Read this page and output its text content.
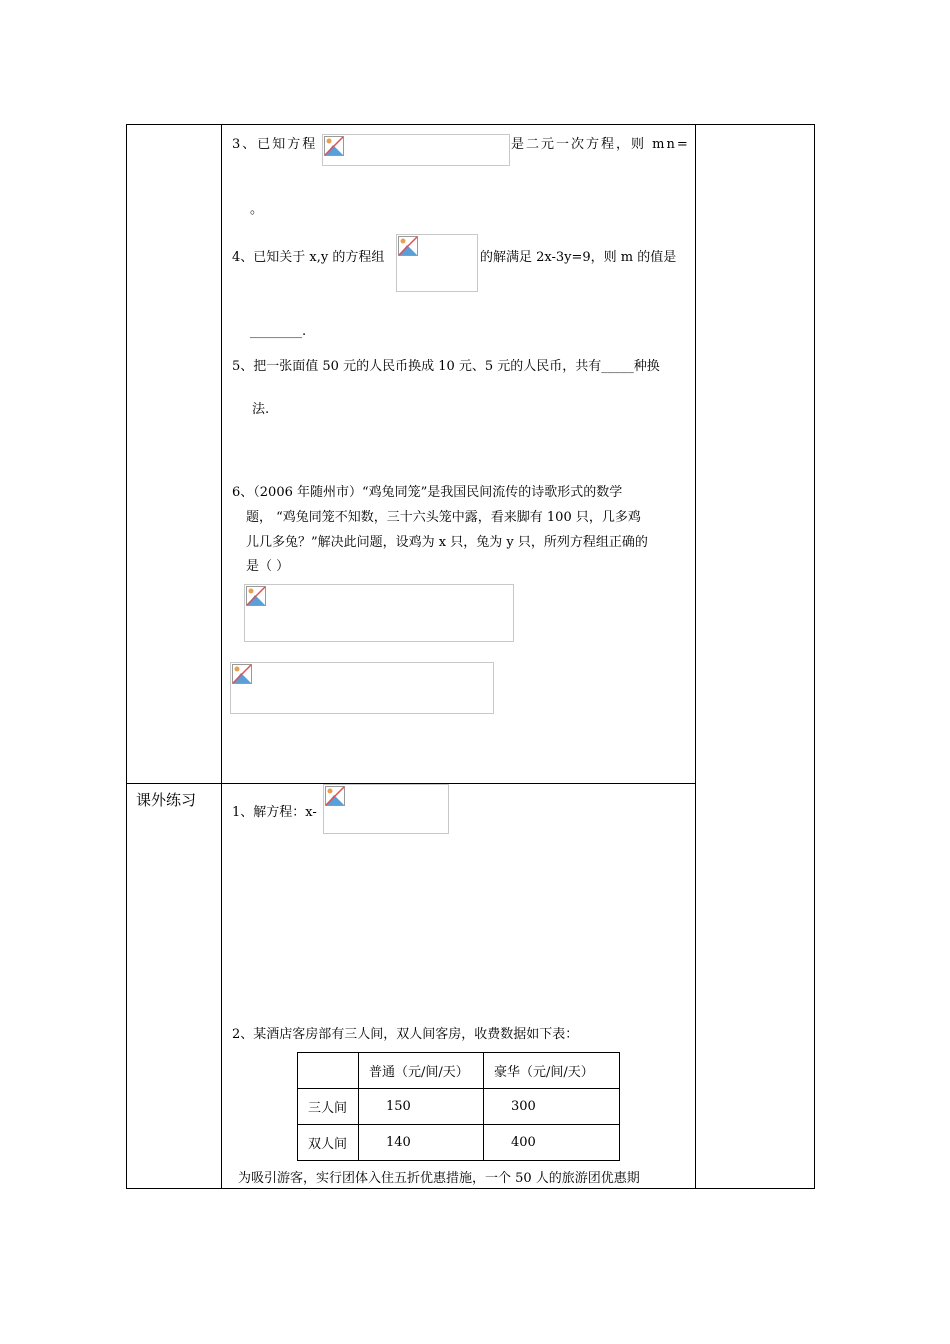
课外练习
3、已知方程	是二元一次方程，则 mn=
。
4、已知关于 x,y 的方程组	的解满足 2x-3y=9，则 m 的值是
________.
5、把一张面值 50 元的人民币换成 10 元、5 元的人民币，共有_____种换
法.
6、（2006 年随州市）“鸡兔同笼”是我国民间流传的诗歌形式的数学
题， “鸡兔同笼不知数，三十六头笼中露，看来脚有 100 只，几多鸡
儿几多兔？”解决此问题，设鸡为 x 只，兔为 y 只，所列方程组正确的
是（ ）
1、解方程：x-
2、某酒店客房部有三人间，双人间客房，收费数据如下表：
	普通（元/间/天）	豪华（元/间/天）
三人间	150	300
双人间	140	400
为吸引游客，实行团体入住五折优惠措施，一个 50 人的旅游团优惠期
